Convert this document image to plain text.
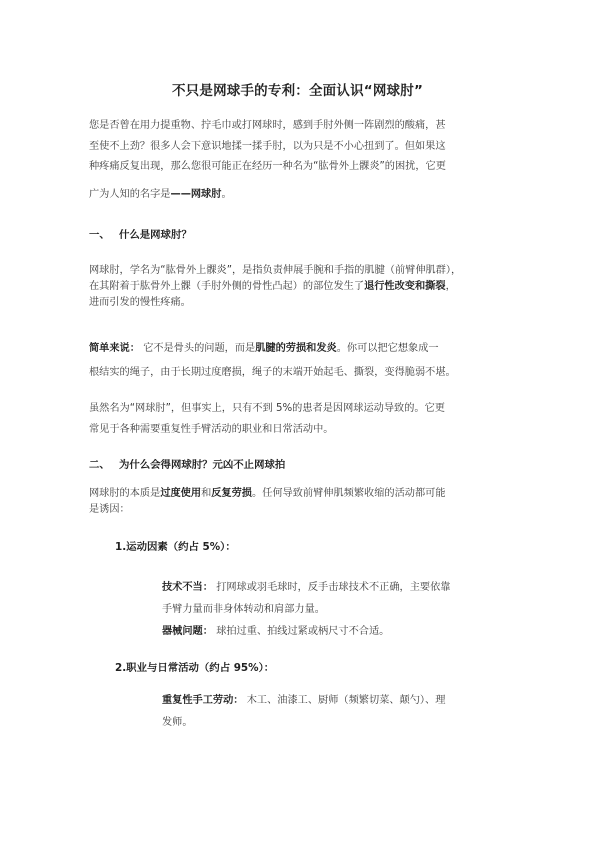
不只是网球手的专利：全面认识“网球肘”

您是否曾在用力提重物、拧毛巾或打网球时，感到手肘外侧一阵剧烈的酸痛，甚
至使不上劲？很多人会下意识地揉一揉手肘，以为只是不小心扭到了。但如果这
种疼痛反复出现，那么您很可能正在经历一种名为“肱骨外上髁炎”的困扰，它更

广为人知的名字是——网球肘。

一、 什么是网球肘？

网球肘，学名为“肱骨外上髁炎”，是指负责伸展手腕和手指的肌腱（前臂伸肌群），
在其附着于肱骨外上髁（手肘外侧的骨性凸起）的部位发生了退行性改变和撕裂，
进而引发的慢性疼痛。

简单来说： 它不是骨头的问题，而是肌腱的劳损和发炎。你可以把它想象成一
根结实的绳子，由于长期过度磨损，绳子的末端开始起毛、撕裂，变得脆弱不堪。

虽然名为“网球肘”，但事实上，只有不到 5%的患者是因网球运动导致的。它更
常见于各种需要重复性手臂活动的职业和日常活动中。

二、 为什么会得网球肘？元凶不止网球拍

网球肘的本质是过度使用和反复劳损。任何导致前臂伸肌频繁收缩的活动都可能
是诱因：

1.运动因素（约占 5%）：

技术不当： 打网球或羽毛球时，反手击球技术不正确，主要依靠
手臂力量而非身体转动和肩部力量。

器械问题： 球拍过重、拍线过紧或柄尺寸不合适。

2.职业与日常活动（约占 95%）：

重复性手工劳动： 木工、油漆工、厨师（频繁切菜、颠勺）、理
发师。
